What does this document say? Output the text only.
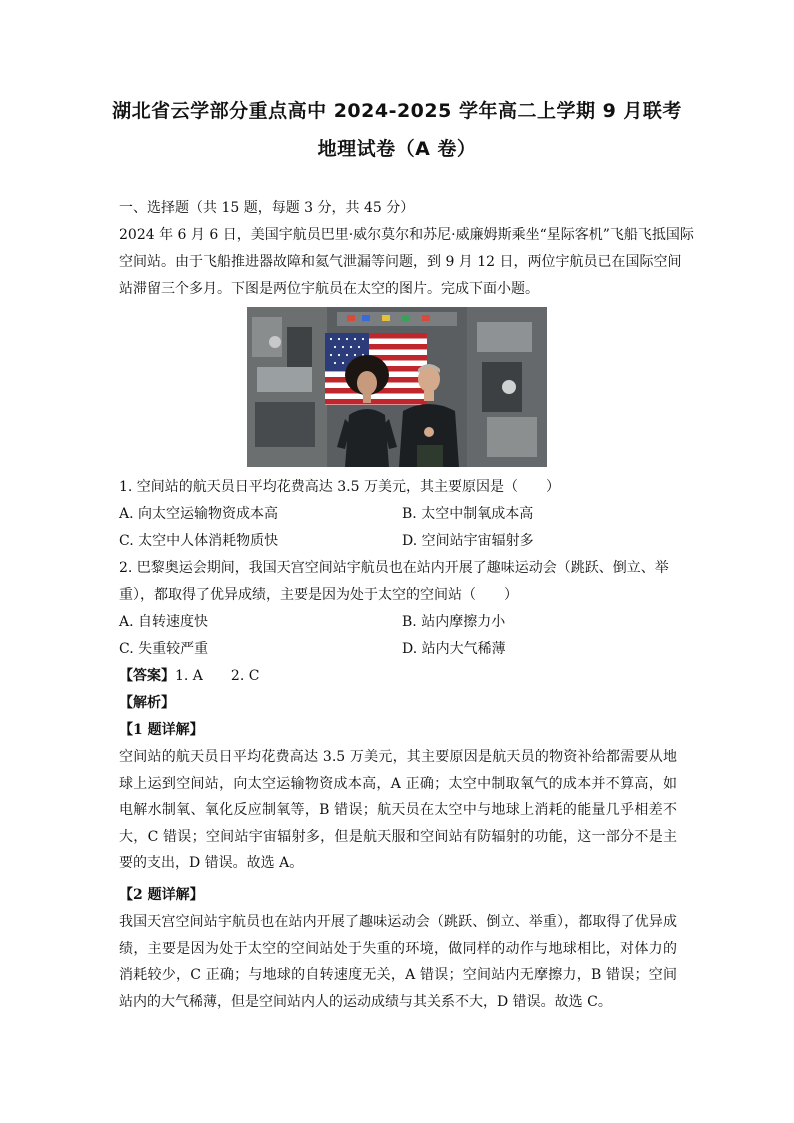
湖北省云学部分重点高中 2024-2025 学年高二上学期 9 月联考
地理试卷（A 卷）
一、选择题（共 15 题，每题 3 分，共 45 分）
2024 年 6 月 6 日，美国宇航员巴里·威尔莫尔和苏尼·威廉姆斯乘坐“星际客机”飞船飞抵国际
空间站。由于飞船推进器故障和氦气泄漏等问题，到 9 月 12 日，两位宇航员已在国际空间
站滞留三个多月。下图是两位宇航员在太空的图片。完成下面小题。
1. 空间站的航天员日平均花费高达 3.5 万美元，其主要原因是（　　）
A. 向太空运输物资成本高	B. 太空中制氧成本高
C. 太空中人体消耗物质快	D. 空间站宇宙辐射多
2. 巴黎奥运会期间，我国天宫空间站宇航员也在站内开展了趣味运动会（跳跃、倒立、举
重），都取得了优异成绩，主要是因为处于太空的空间站（　　）
A. 自转速度快	B. 站内摩擦力小
C. 失重较严重	D. 站内大气稀薄
【答案】1. A　　2. C
【解析】
【1 题详解】
空间站的航天员日平均花费高达 3.5 万美元，其主要原因是航天员的物资补给都需要从地球上运到空间站，向太空运输物资成本高，A 正确；太空中制取氧气的成本并不算高，如电解水制氧、氧化反应制氧等，B 错误；航天员在太空中与地球上消耗的能量几乎相差不大，C 错误；空间站宇宙辐射多，但是航天服和空间站有防辐射的功能，这一部分不是主要的支出，D 错误。故选 A。
【2 题详解】
我国天宫空间站宇航员也在站内开展了趣味运动会（跳跃、倒立、举重），都取得了优异成绩，主要是因为处于太空的空间站处于失重的环境，做同样的动作与地球相比，对体力的消耗较少，C 正确；与地球的自转速度无关，A 错误；空间站内无摩擦力，B 错误；空间站内的大气稀薄，但是空间站内人的运动成绩与其关系不大，D 错误。故选 C。
